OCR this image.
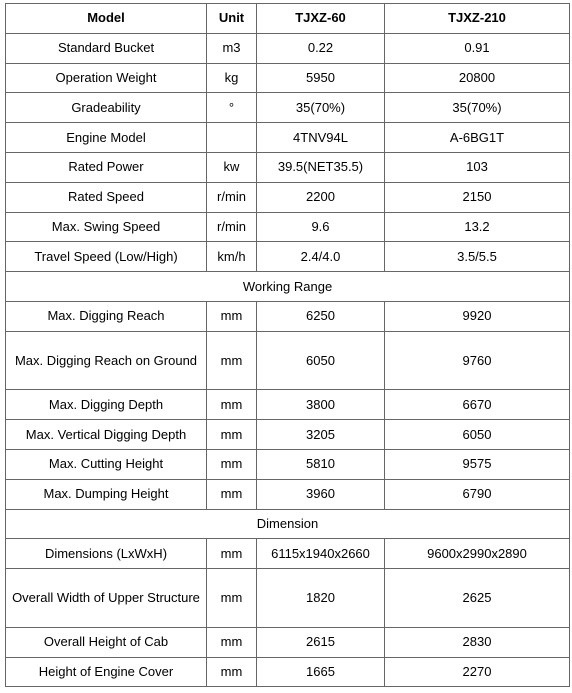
Model	Unit	TJXZ-60	TJXZ-210
Standard Bucket	m3	0.22	0.91
Operation Weight	kg	5950	20800
Gradeability	°	35(70%)	35(70%)
Engine Model		4TNV94L	A-6BG1T
Rated Power	kw	39.5(NET35.5)	103
Rated Speed	r/min	2200	2150
Max. Swing Speed	r/min	9.6	13.2
Travel Speed (Low/High)	km/h	2.4/4.0	3.5/5.5
Working Range			
Max. Digging Reach	mm	6250	9920
Max. Digging Reach on Ground	mm	6050	9760
Max. Digging Depth	mm	3800	6670
Max. Vertical Digging Depth	mm	3205	6050
Max. Cutting Height	mm	5810	9575
Max. Dumping Height	mm	3960	6790
Dimension			
Dimensions (LxWxH)	mm	6115x1940x2660	9600x2990x2890
Overall Width of Upper Structure	mm	1820	2625
Overall Height of Cab	mm	2615	2830
Height of Engine Cover	mm	1665	2270
